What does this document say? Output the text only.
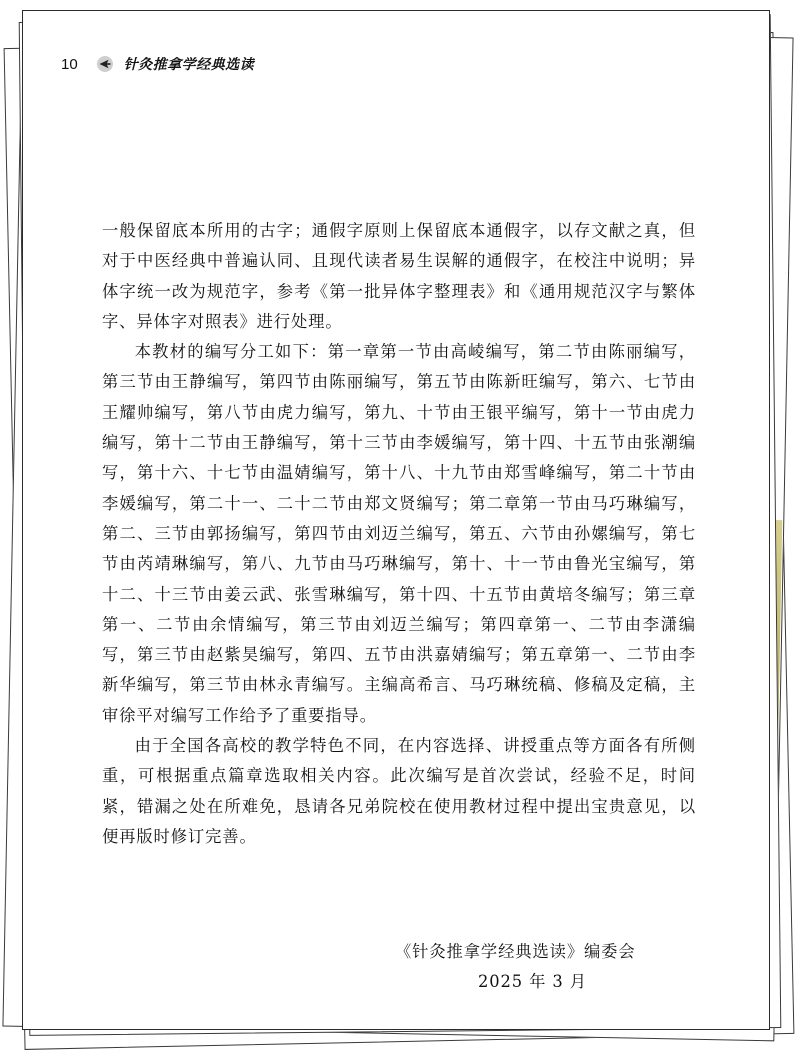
10	针灸推拿学经典选读

一般保留底本所用的古字；通假字原则上保留底本通假字，以存文献之真，但对于中医经典中普遍认同、且现代读者易生误解的通假字，在校注中说明；异体字统一改为规范字，参考《第一批异体字整理表》和《通用规范汉字与繁体字、异体字对照表》进行处理。

本教材的编写分工如下：第一章第一节由高崚编写，第二节由陈丽编写，第三节由王静编写，第四节由陈丽编写，第五节由陈新旺编写，第六、七节由王耀帅编写，第八节由虎力编写，第九、十节由王银平编写，第十一节由虎力编写，第十二节由王静编写，第十三节由李媛编写，第十四、十五节由张潮编写，第十六、十七节由温婧编写，第十八、十九节由郑雪峰编写，第二十节由李媛编写，第二十一、二十二节由郑文贤编写；第二章第一节由马巧琳编写，第二、三节由郭扬编写，第四节由刘迈兰编写，第五、六节由孙嫘编写，第七节由芮靖琳编写，第八、九节由马巧琳编写，第十、十一节由鲁光宝编写，第十二、十三节由姜云武、张雪琳编写，第十四、十五节由黄培冬编写；第三章第一、二节由余情编写，第三节由刘迈兰编写；第四章第一、二节由李潇编写，第三节由赵紫昊编写，第四、五节由洪嘉婧编写；第五章第一、二节由李新华编写，第三节由林永青编写。主编高希言、马巧琳统稿、修稿及定稿，主审徐平对编写工作给予了重要指导。

由于全国各高校的教学特色不同，在内容选择、讲授重点等方面各有所侧重，可根据重点篇章选取相关内容。此次编写是首次尝试，经验不足，时间紧，错漏之处在所难免，恳请各兄弟院校在使用教材过程中提出宝贵意见，以便再版时修订完善。

《针灸推拿学经典选读》编委会
2025 年 3 月
